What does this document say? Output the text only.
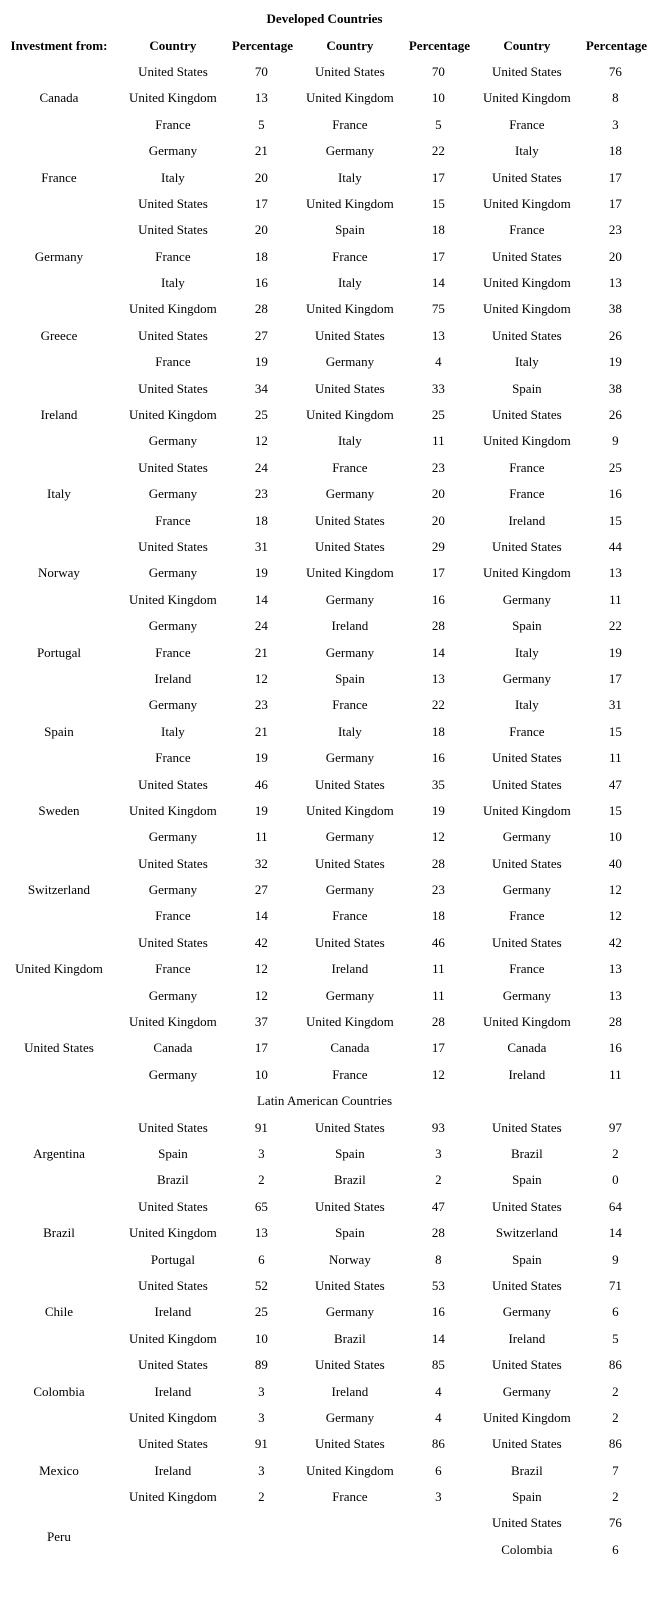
Developed Countries						
Investment from:	Country	Percentage	Country	Percentage	Country	Percentage
Canada	United States	70	United States	70	United States	76
	United Kingdom	13	United Kingdom	10	United Kingdom	8
	France	5	France	5	France	3
France	Germany	21	Germany	22	Italy	18
	Italy	20	Italy	17	United States	17
	United States	17	United Kingdom	15	United Kingdom	17
Germany	United States	20	Spain	18	France	23
	France	18	France	17	United States	20
	Italy	16	Italy	14	United Kingdom	13
Greece	United Kingdom	28	United Kingdom	75	United Kingdom	38
	United States	27	United States	13	United States	26
	France	19	Germany	4	Italy	19
Ireland	United States	34	United States	33	Spain	38
	United Kingdom	25	United Kingdom	25	United States	26
	Germany	12	Italy	11	United Kingdom	9
Italy	United States	24	France	23	France	25
	Germany	23	Germany	20	France	16
	France	18	United States	20	Ireland	15
Norway	United States	31	United States	29	United States	44
	Germany	19	United Kingdom	17	United Kingdom	13
	United Kingdom	14	Germany	16	Germany	11
Portugal	Germany	24	Ireland	28	Spain	22
	France	21	Germany	14	Italy	19
	Ireland	12	Spain	13	Germany	17
Spain	Germany	23	France	22	Italy	31
	Italy	21	Italy	18	France	15
	France	19	Germany	16	United States	11
Sweden	United States	46	United States	35	United States	47
	United Kingdom	19	United Kingdom	19	United Kingdom	15
	Germany	11	Germany	12	Germany	10
Switzerland	United States	32	United States	28	United States	40
	Germany	27	Germany	23	Germany	12
	France	14	France	18	France	12
United Kingdom	United States	42	United States	46	United States	42
	France	12	Ireland	11	France	13
	Germany	12	Germany	11	Germany	13
United States	United Kingdom	37	United Kingdom	28	United Kingdom	28
	Canada	17	Canada	17	Canada	16
	Germany	10	France	12	Ireland	11
Latin American Countries						
Argentina	United States	91	United States	93	United States	97
	Spain	3	Spain	3	Brazil	2
	Brazil	2	Brazil	2	Spain	0
Brazil	United States	65	United States	47	United States	64
	United Kingdom	13	Spain	28	Switzerland	14
	Portugal	6	Norway	8	Spain	9
Chile	United States	52	United States	53	United States	71
	Ireland	25	Germany	16	Germany	6
	United Kingdom	10	Brazil	14	Ireland	5
Colombia	United States	89	United States	85	United States	86
	Ireland	3	Ireland	4	Germany	2
	United Kingdom	3	Germany	4	United Kingdom	2
Mexico	United States	91	United States	86	United States	86
	Ireland	3	United Kingdom	6	Brazil	7
	United Kingdom	2	France	3	Spain	2
Peru					United States	76
					Colombia	6
